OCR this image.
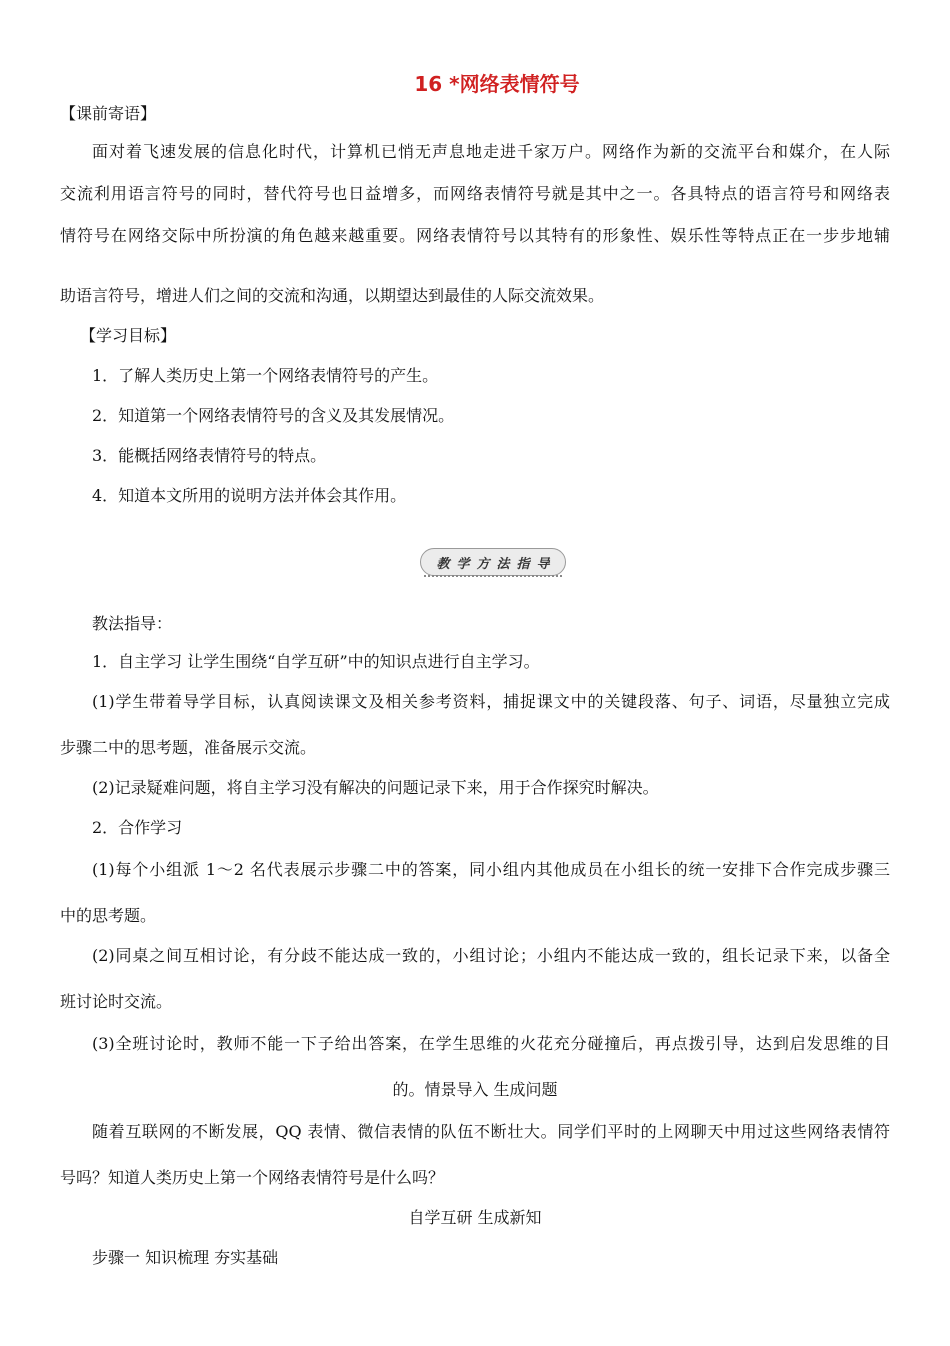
16 *网络表情符号
【课前寄语】
面对着飞速发展的信息化时代，计算机已悄无声息地走进千家万户。网络作为新的交流平台和媒介，在人际
交流利用语言符号的同时，替代符号也日益增多，而网络表情符号就是其中之一。各具特点的语言符号和网络表
情符号在网络交际中所扮演的角色越来越重要。网络表情符号以其特有的形象性、娱乐性等特点正在一步步地辅
助语言符号，增进人们之间的交流和沟通，以期望达到最佳的人际交流效果。
【学习目标】
1．了解人类历史上第一个网络表情符号的产生。
2．知道第一个网络表情符号的含义及其发展情况。
3．能概括网络表情符号的特点。
4．知道本文所用的说明方法并体会其作用。
教 学 方 法 指 导
教法指导：
1．自主学习 让学生围绕“自学互研”中的知识点进行自主学习。
(1)学生带着导学目标，认真阅读课文及相关参考资料，捕捉课文中的关键段落、句子、词语，尽量独立完成
步骤二中的思考题，准备展示交流。
(2)记录疑难问题，将自主学习没有解决的问题记录下来，用于合作探究时解决。
2．合作学习
(1)每个小组派 1～2 名代表展示步骤二中的答案，同小组内其他成员在小组长的统一安排下合作完成步骤三
中的思考题。
(2)同桌之间互相讨论，有分歧不能达成一致的，小组讨论；小组内不能达成一致的，组长记录下来，以备全
班讨论时交流。
(3)全班讨论时，教师不能一下子给出答案，在学生思维的火花充分碰撞后，再点拨引导，达到启发思维的目
的。情景导入 生成问题
随着互联网的不断发展，QQ 表情、微信表情的队伍不断壮大。同学们平时的上网聊天中用过这些网络表情符
号吗？知道人类历史上第一个网络表情符号是什么吗？
自学互研 生成新知
步骤一 知识梳理 夯实基础
